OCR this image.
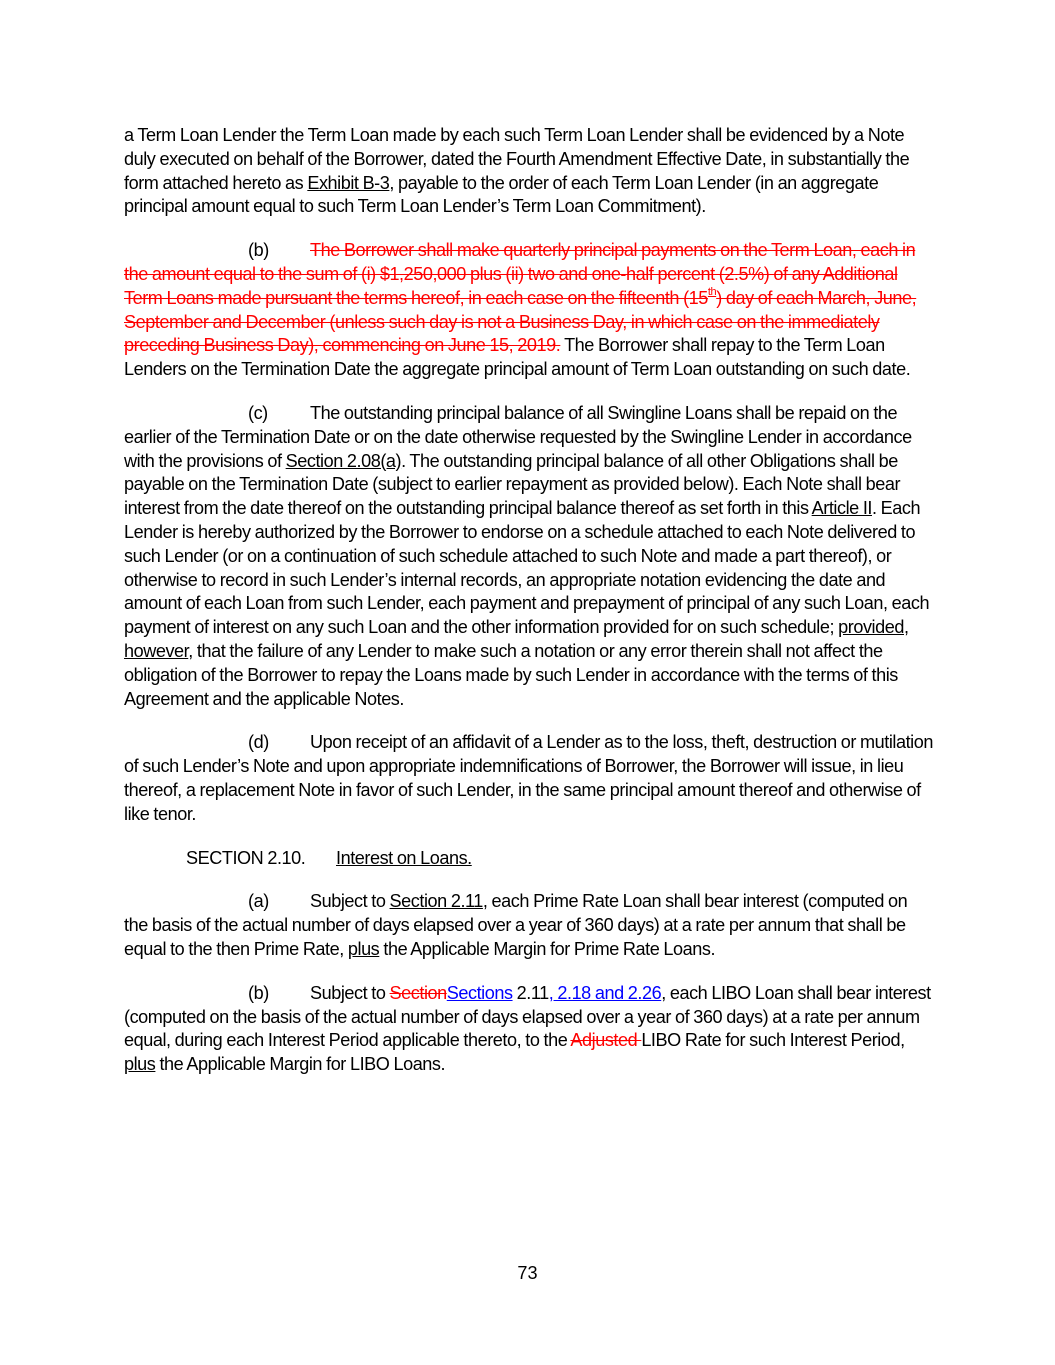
a Term Loan Lender the Term Loan made by each such Term Loan Lender shall be evidenced by a Note duly executed on behalf of the Borrower, dated the Fourth Amendment Effective Date, in substantially the form attached hereto as Exhibit B-3, payable to the order of each Term Loan Lender (in an aggregate principal amount equal to such Term Loan Lender’s Term Loan Commitment).

(b) The Borrower shall make quarterly principal payments on the Term Loan, each in the amount equal to the sum of (i) $1,250,000 plus (ii) two and one-half percent (2.5%) of any Additional Term Loans made pursuant the terms hereof, in each case on the fifteenth (15th) day of each March, June, September and December (unless such day is not a Business Day, in which case on the immediately preceding Business Day), commencing on June 15, 2019. The Borrower shall repay to the Term Loan Lenders on the Termination Date the aggregate principal amount of Term Loan outstanding on such date.

(c) The outstanding principal balance of all Swingline Loans shall be repaid on the earlier of the Termination Date or on the date otherwise requested by the Swingline Lender in accordance with the provisions of Section 2.08(a). The outstanding principal balance of all other Obligations shall be payable on the Termination Date (subject to earlier repayment as provided below). Each Note shall bear interest from the date thereof on the outstanding principal balance thereof as set forth in this Article II. Each Lender is hereby authorized by the Borrower to endorse on a schedule attached to each Note delivered to such Lender (or on a continuation of such schedule attached to such Note and made a part thereof), or otherwise to record in such Lender’s internal records, an appropriate notation evidencing the date and amount of each Loan from such Lender, each payment and prepayment of principal of any such Loan, each payment of interest on any such Loan and the other information provided for on such schedule; provided, however, that the failure of any Lender to make such a notation or any error therein shall not affect the obligation of the Borrower to repay the Loans made by such Lender in accordance with the terms of this Agreement and the applicable Notes.

(d) Upon receipt of an affidavit of a Lender as to the loss, theft, destruction or mutilation of such Lender’s Note and upon appropriate indemnifications of Borrower, the Borrower will issue, in lieu thereof, a replacement Note in favor of such Lender, in the same principal amount thereof and otherwise of like tenor.

SECTION 2.10. Interest on Loans.

(a) Subject to Section 2.11, each Prime Rate Loan shall bear interest (computed on the basis of the actual number of days elapsed over a year of 360 days) at a rate per annum that shall be equal to the then Prime Rate, plus the Applicable Margin for Prime Rate Loans.

(b) Subject to SectionSections 2.11, 2.18 and 2.26, each LIBO Loan shall bear interest (computed on the basis of the actual number of days elapsed over a year of 360 days) at a rate per annum equal, during each Interest Period applicable thereto, to the Adjusted LIBO Rate for such Interest Period, plus the Applicable Margin for LIBO Loans.

73
